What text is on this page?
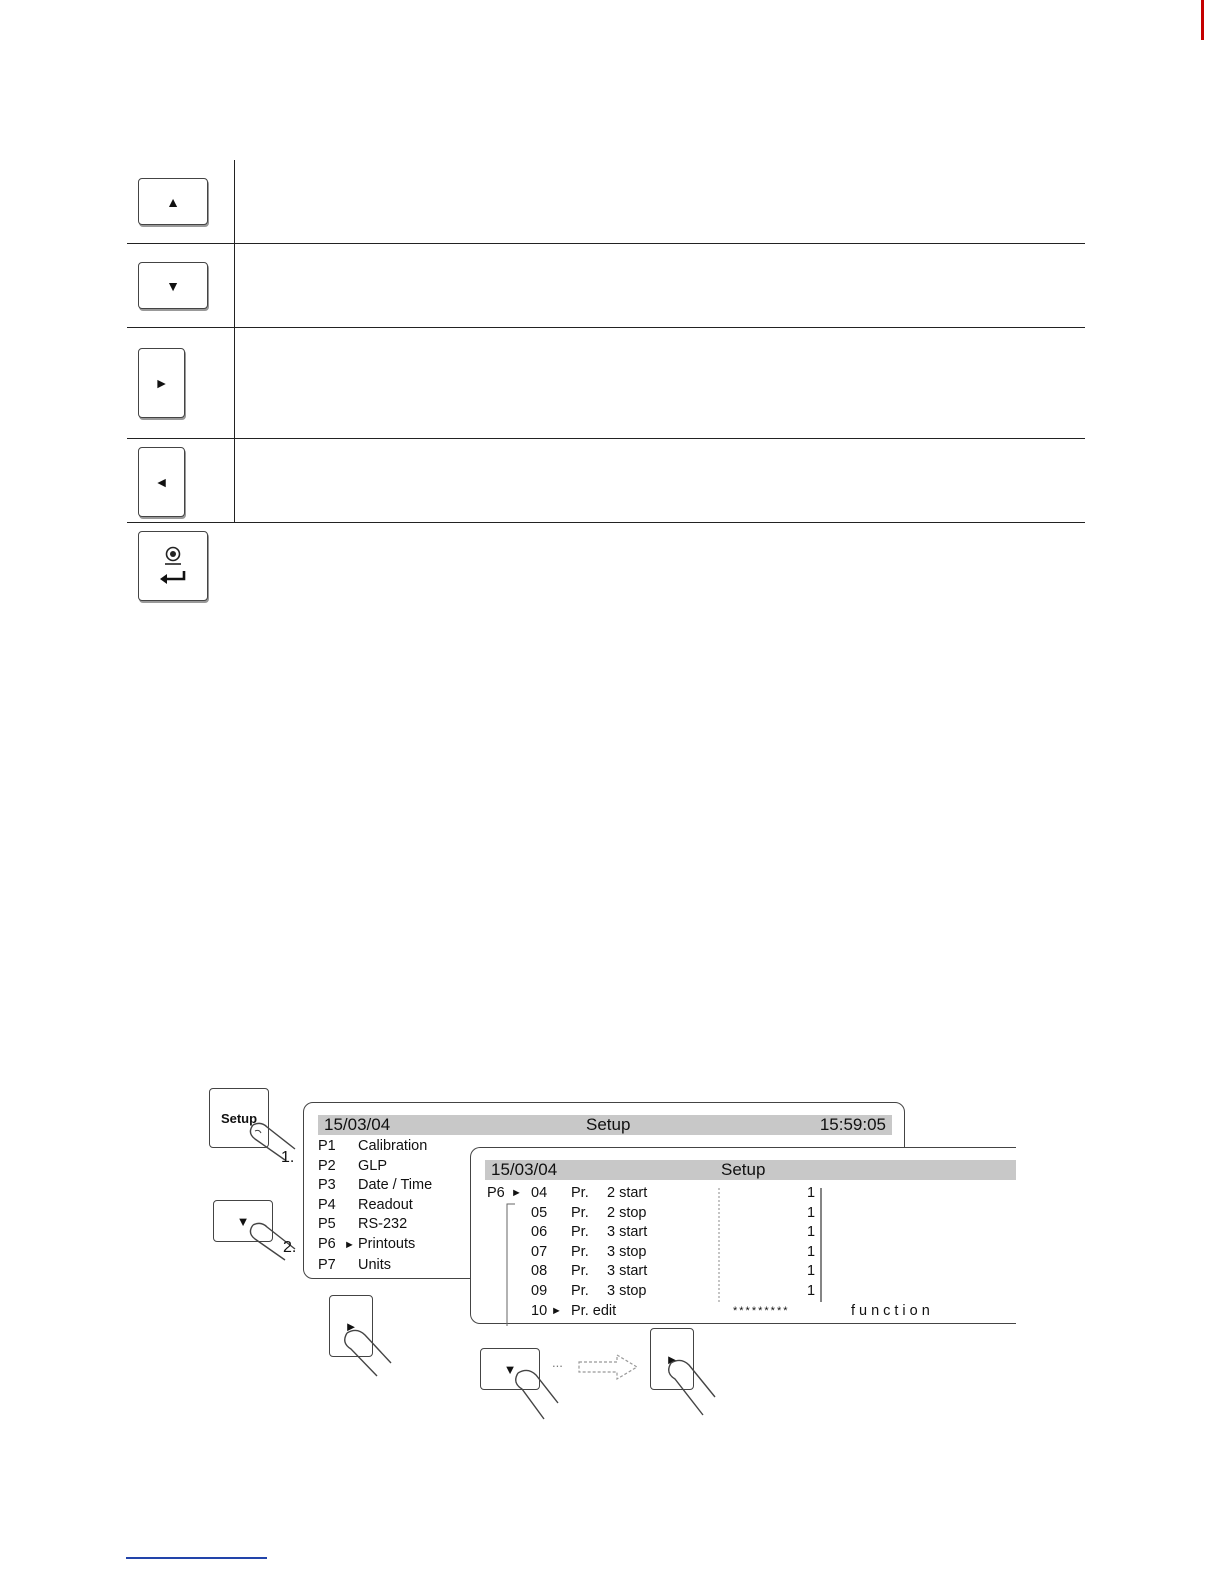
▲
▼
►
◄
Setup
1.
▼
2.
►
15/03/04	Setup	15:59:05
P1 Calibration
P2 GLP
P3 Date / Time
P4 Readout
P5 RS-232
P6 ► Printouts
P7 Units
15/03/04	Setup
P6 ► 04 Pr. 2 start	1
05 Pr. 2 stop	1
06 Pr. 3 start	1
07 Pr. 3 stop	1
08 Pr. 3 start	1
09 Pr. 3 stop	1
10 ► Pr. edit	*********	function
▼	...	►
